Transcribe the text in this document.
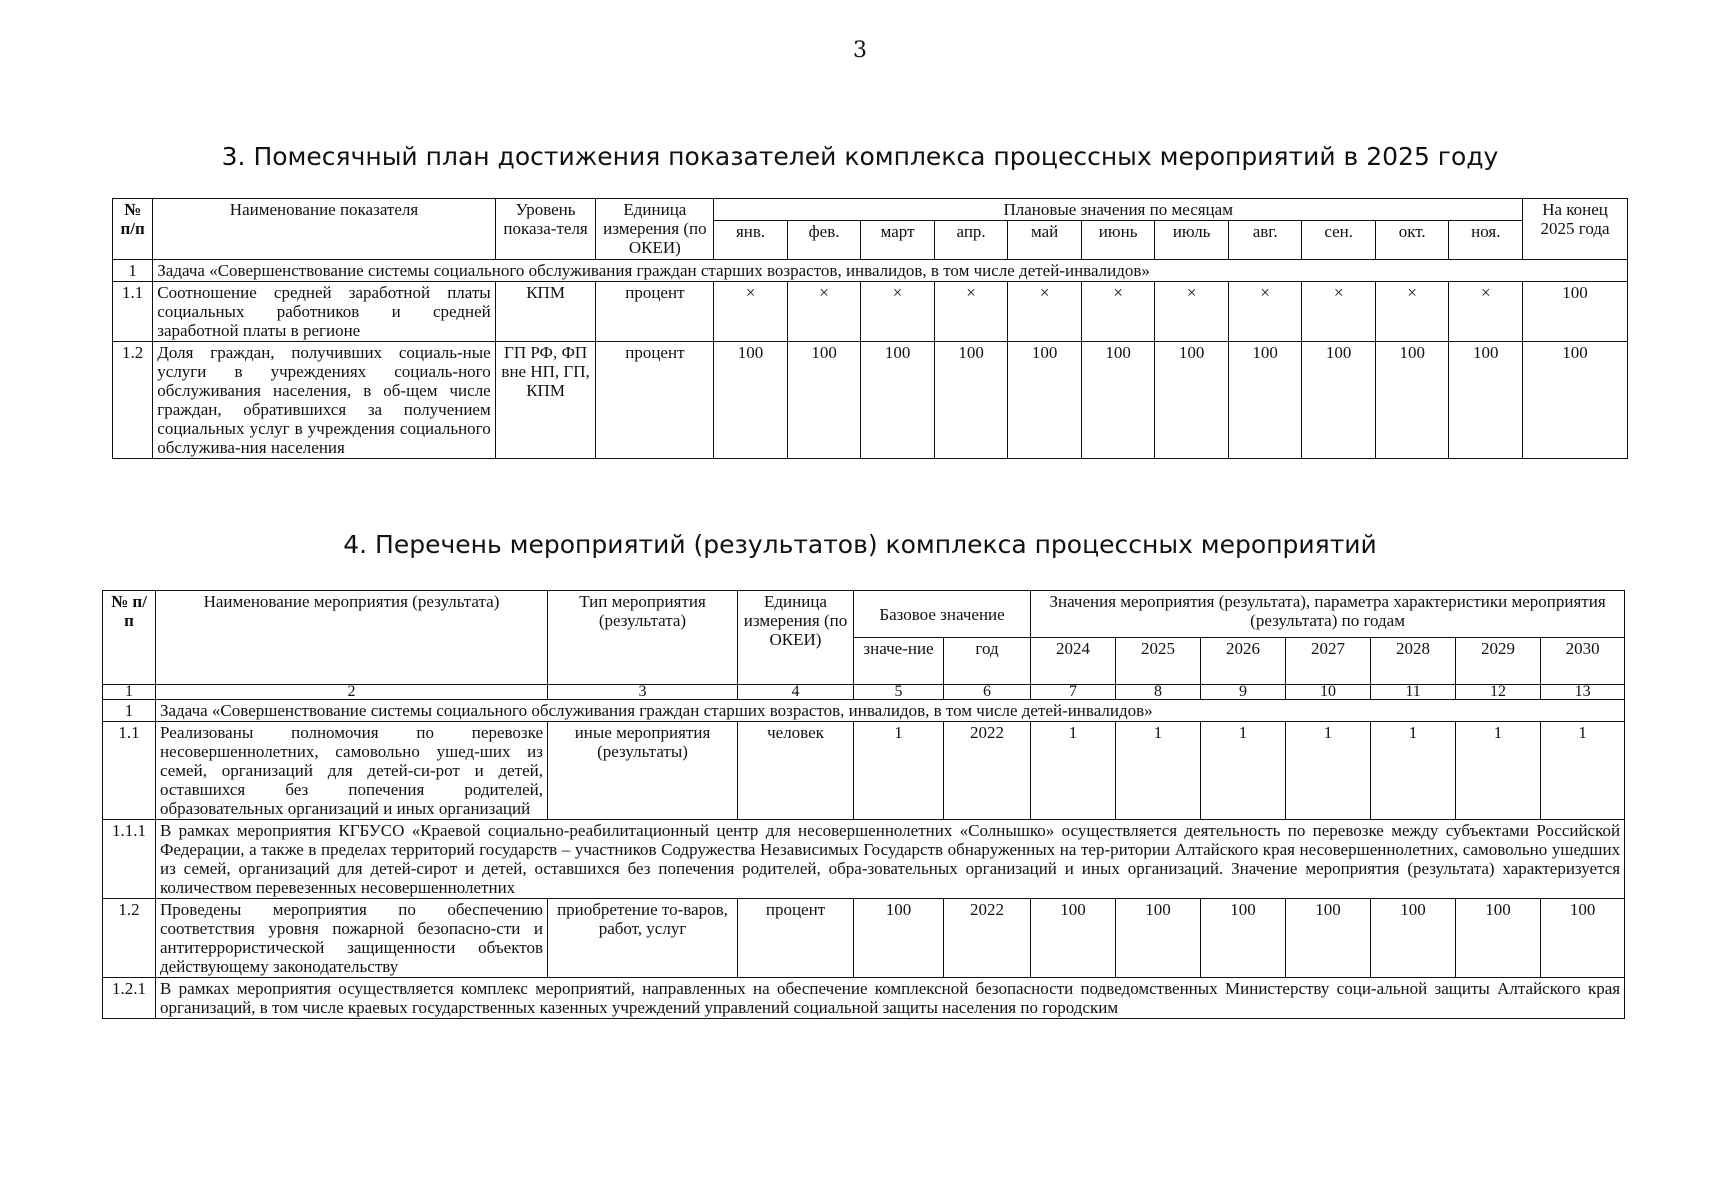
3
3. Помесячный план достижения показателей комплекса процессных мероприятий в 2025 году
№ п/п	Наименование показателя	Уровень показа-теля	Единица измерения (по ОКЕИ)	Плановые значения по месяцам											На конец 2025 года
				янв.	фев.	март	апр.	май	июнь	июль	авг.	сен.	окт.	ноя.	
1	Задача «Совершенствование системы социального обслуживания граждан старших возрастов, инвалидов, в том числе детей-инвалидов»														
1.1	Соотношение средней заработной платы социальных работников и средней заработной платы в регионе	КПМ	процент	×	×	×	×	×	×	×	×	×	×	×	100
1.2	Доля граждан, получивших социаль-ные услуги в учреждениях социаль-ного обслуживания населения, в об-щем числе граждан, обратившихся за получением социальных услуг в учреждения социального обслужива-ния населения	ГП РФ, ФП вне НП, ГП, КПМ	процент	100	100	100	100	100	100	100	100	100	100	100	100
4. Перечень мероприятий (результатов) комплекса процессных мероприятий
№ п/п	Наименование мероприятия (результата)	Тип мероприятия (результата)	Единица измерения (по ОКЕИ)	Базовое значение		Значения мероприятия (результата), параметра характеристики мероприятия (результата) по годам						
				значе-ние	год	2024	2025	2026	2027	2028	2029	2030
1	2	3	4	5	6	7	8	9	10	11	12	13
1	Задача «Совершенствование системы социального обслуживания граждан старших возрастов, инвалидов, в том числе детей-инвалидов»											
1.1	Реализованы полномочия по перевозке несовершеннолетних, самовольно ушед-ших из семей, организаций для детей-си-рот и детей, оставшихся без попечения родителей, образовательных организаций и иных организаций	иные мероприятия (результаты)	человек	1	2022	1	1	1	1	1	1	1
1.1.1	В рамках мероприятия КГБУСО «Краевой социально-реабилитационный центр для несовершеннолетних «Солнышко» осуществляется деятельность по перевозке между субъектами Российской Федерации, а также в пределах территорий государств – участников Содружества Независимых Государств обнаруженных на тер-ритории Алтайского края несовершеннолетних, самовольно ушедших из семей, организаций для детей-сирот и детей, оставшихся без попечения родителей, обра-зовательных организаций и иных организаций. Значение мероприятия (результата) характеризуется количеством перевезенных несовершеннолетних											
1.2	Проведены мероприятия по обеспечению соответствия уровня пожарной безопасно-сти и антитеррористической защищенности объектов действующему законодательству	приобретение то-варов, работ, услуг	процент	100	2022	100	100	100	100	100	100	100
1.2.1	В рамках мероприятия осуществляется комплекс мероприятий, направленных на обеспечение комплексной безопасности подведомственных Министерству соци-альной защиты Алтайского края организаций, в том числе краевых государственных казенных учреждений управлений социальной защиты населения по городским											
